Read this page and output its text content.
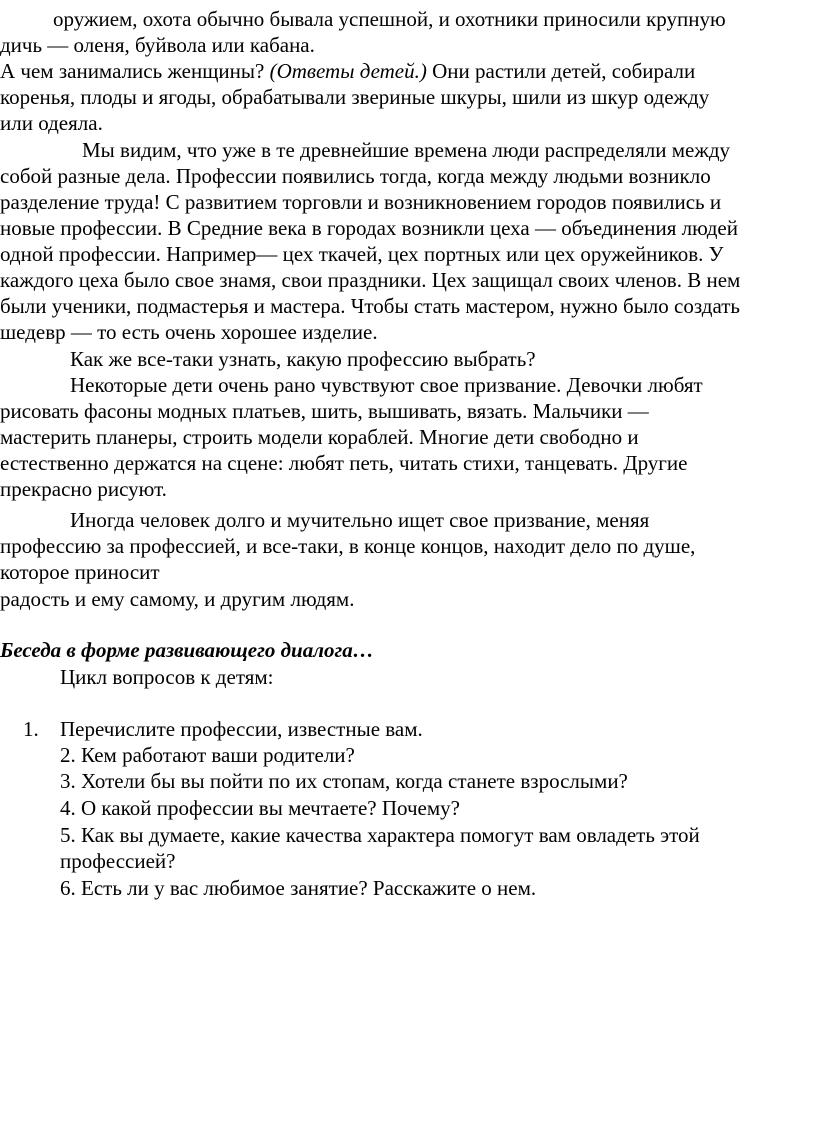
оружием, охота обычно бывала успешной, и охотники приносили крупную
дичь — оленя, буйвола или кабана.
А чем занимались женщины? (Ответы детей.) Они растили детей, собирали
коренья, плоды и ягоды, обрабатывали звериные шкуры, шили из шкур одежду
или одеяла.
Мы видим, что уже в те древнейшие времена люди распределяли между
собой разные дела. Профессии появились тогда, когда между людьми возникло
разделение труда! С развитием торговли и возникновением городов появились и
новые профессии. В Средние века в городах возникли цеха — объединения людей
одной профессии. Например— цех ткачей, цех портных или цех оружейников. У
каждого цеха было свое знамя, свои праздники. Цех защищал своих членов. В нем
были ученики, подмастерья и мастера. Чтобы стать мастером, нужно было создать
шедевр — то есть очень хорошее изделие.
Как же все-таки узнать, какую профессию выбрать?
Некоторые дети очень рано чувствуют свое призвание. Девочки любят
рисовать фасоны модных платьев, шить, вышивать, вязать. Мальчики —
мастерить планеры, строить модели кораблей. Многие дети свободно и
естественно держатся на сцене: любят петь, читать стихи, танцевать. Другие
прекрасно рисуют.
Иногда человек долго и мучительно ищет свое призвание, меняя
профессию за профессией, и все-таки, в конце концов, находит дело по душе,
которое приносит
радость и ему самому, и другим людям.
Беседа в форме развивающего диалога…
Цикл вопросов к детям:
1. Перечислите профессии, известные вам.
2. Кем работают ваши родители?
3. Хотели бы вы пойти по их стопам, когда станете взрослыми?
4. О какой профессии вы мечтаете? Почему?
5. Как вы думаете, какие качества характера помогут вам овладеть этой
профессией?
6. Есть ли у вас любимое занятие? Расскажите о нем.
